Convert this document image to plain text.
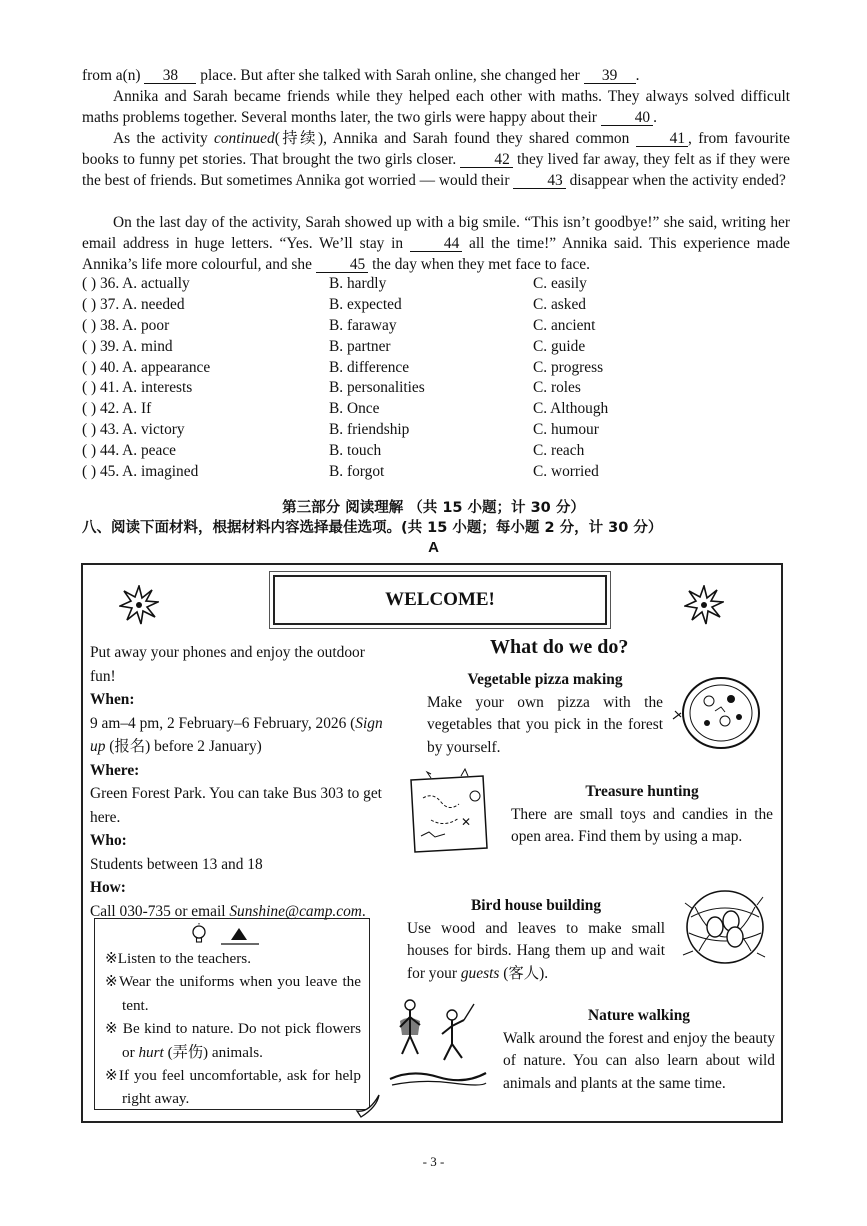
from a(n) 38 place. But after she talked with Sarah online, she changed her 39 .
Annika and Sarah became friends while they helped each other with maths. They always solved difficult maths problems together. Several months later, the two girls were happy about their 40 .
As the activity continued(持续), Annika and Sarah found they shared common	41 , from favourite books to funny pet stories. That brought the two girls closer. 42 they lived far away, they felt as if they were the best of friends. But sometimes Annika got worried — would their 43 disappear when the activity ended?
On the last day of the activity, Sarah showed up with a big smile. “This isn’t goodbye!” she said, writing her email address in huge letters. “Yes. We’ll stay in	44 all the time!” Annika said. This experience made Annika’s life more colourful, and she 45 the day when they met face to face.
( ) 36. A. actually	B. hardly	C. easily
( ) 37. A. needed	B. expected	C. asked
( ) 38. A. poor	B. faraway	C. ancient
( ) 39. A. mind	B. partner	C. guide
( ) 40. A. appearance	B. difference	C. progress
( ) 41. A. interests	B. personalities	C. roles
( ) 42. A. If	B. Once	C. Although
( ) 43. A. victory	B. friendship	C. humour
( ) 44. A. peace	B. touch	C. reach
( ) 45. A. imagined	B. forgot	C. worried
第三部分 阅读理解 （共 15 小题；计 30 分）
八、阅读下面材料，根据材料内容选择最佳选项。(共 15 小题；每小题 2 分，计 30 分）
A
WELCOME!
Put away your phones and enjoy the outdoor fun!
When:
9 am–4 pm, 2 February–6 February, 2026 (Sign up (报名) before 2 January)
Where:
Green Forest Park. You can take Bus 303 to get here.
Who:
Students between 13 and 18
How:
Call 030-735 or email Sunshine@camp.com.
※Listen to the teachers.
※Wear the uniforms when you leave the tent.
※ Be kind to nature. Do not pick flowers or hurt (弄伤) animals.
※If you feel uncomfortable, ask for help right away.
What do we do?
Vegetable pizza making
Make your own pizza with the vegetables that you pick in the forest by yourself.
✕
Treasure hunting
There are small toys and candies in the open area. Find them by using a map.
Bird house building
Use wood and leaves to make small houses for birds. Hang them up and wait for your guests (客人).
Nature walking
Walk around the forest and enjoy the beauty of nature. You can also learn about wild animals and plants at the same time.
- 3 -
